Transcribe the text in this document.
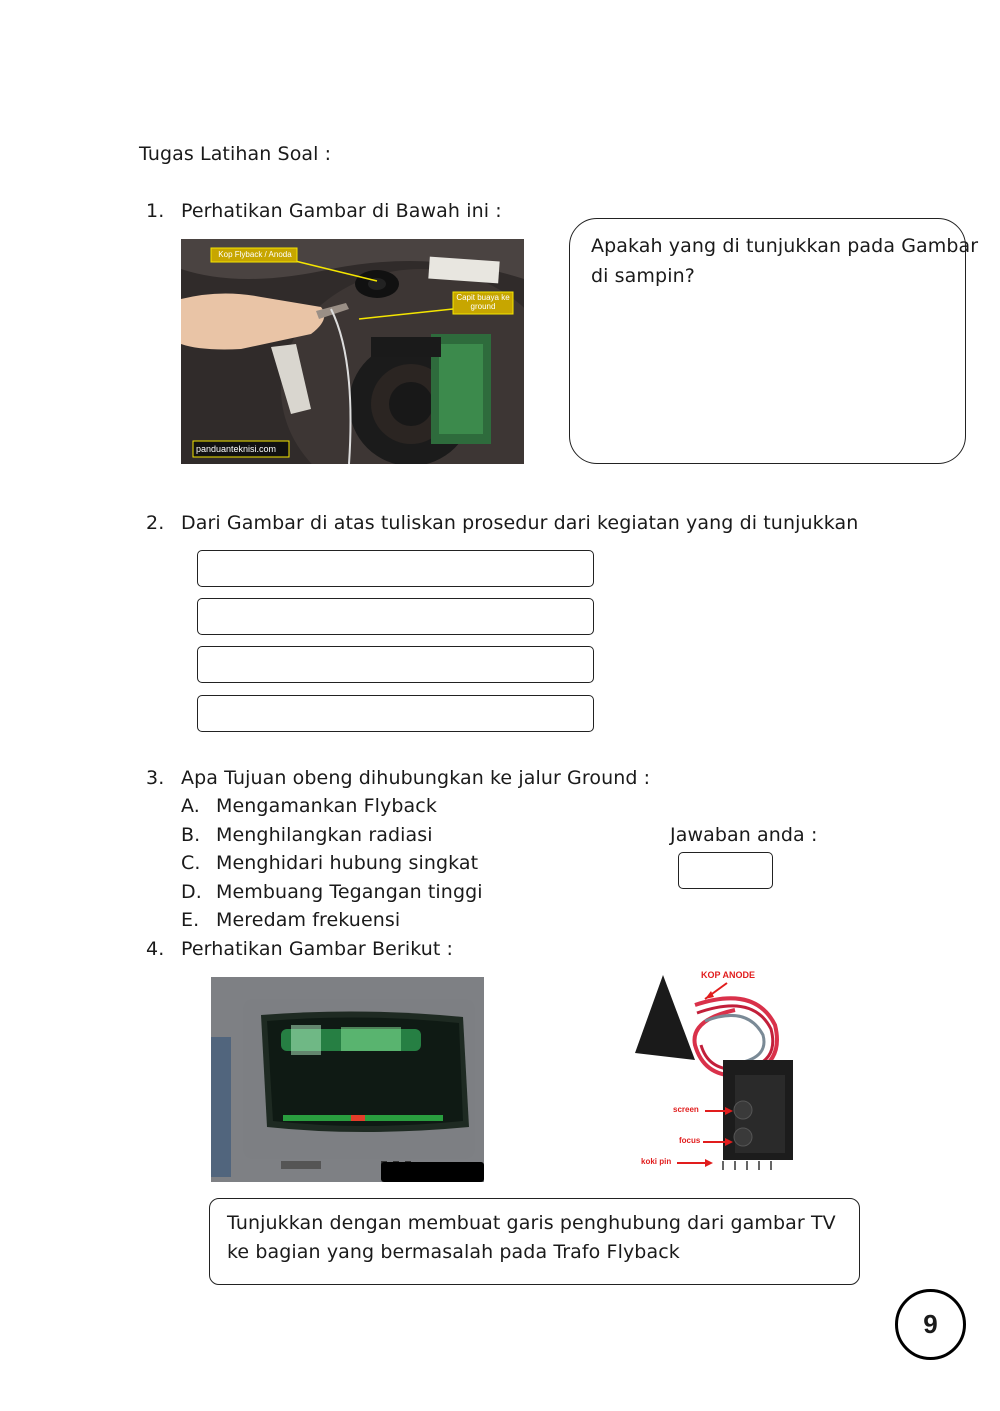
Tugas Latihan Soal :
1. Perhatikan Gambar di Bawah ini :
Kop Flyback / Anoda
Capit buaya ke ground
panduanteknisi.com
Apakah yang di tunjukkan pada Gambar
di sampin?
2. Dari Gambar di atas tuliskan prosedur dari kegiatan yang di tunjukkan
3. Apa Tujuan obeng dihubungkan ke jalur Ground :
A. Mengamankan Flyback
B. Menghilangkan radiasi
C. Menghidari hubung singkat
D. Membuang Tegangan tinggi
E. Meredam frekuensi
Jawaban anda :
4. Perhatikan Gambar Berikut :
KOP ANODE
screen
focus
koki pin
Tunjukkan dengan membuat garis penghubung dari gambar TV
ke bagian yang bermasalah pada Trafo Flyback
9
